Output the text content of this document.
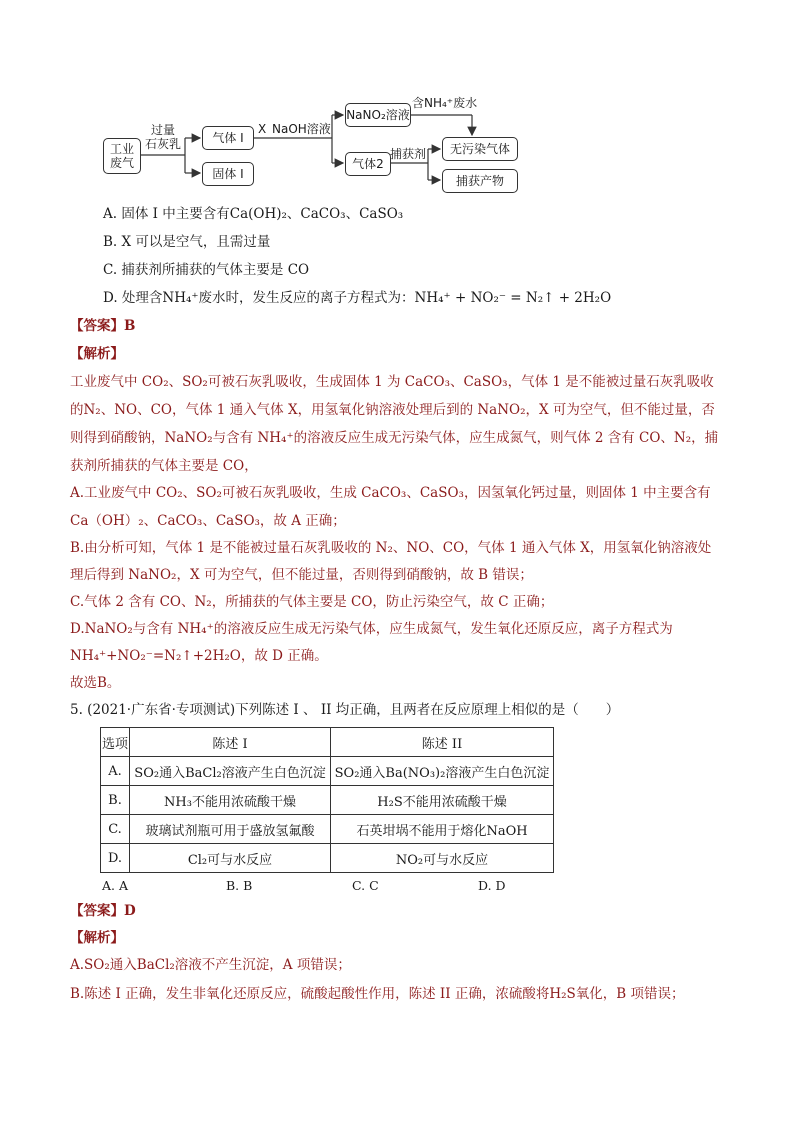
工业
废气
过量
石灰乳	气体 I
固体 I
X NaOH溶液
NaNO₂溶液
含NH₄⁺废水
气体2
捕获剂	无污染气体
捕获产物
A. 固体 I 中主要含有Ca(OH)₂、CaCO₃、CaSO₃
B. X 可以是空气，且需过量
C. 捕获剂所捕获的气体主要是 CO
D. 处理含NH₄⁺废水时，发生反应的离子方程式为：NH₄⁺ + NO₂⁻ = N₂↑ + 2H₂O
【答案】B
【解析】
工业废气中 CO₂、SO₂可被石灰乳吸收，生成固体 1 为 CaCO₃、CaSO₃，气体 1 是不能被过量石灰乳吸收
的N₂、NO、CO，气体 1 通入气体 X，用氢氧化钠溶液处理后到的 NaNO₂，X 可为空气，但不能过量，否
则得到硝酸钠，NaNO₂与含有 NH₄⁺的溶液反应生成无污染气体，应生成氮气，则气体 2 含有 CO、N₂，捕
获剂所捕获的气体主要是 CO，
A.工业废气中 CO₂、SO₂可被石灰乳吸收，生成 CaCO₃、CaSO₃，因氢氧化钙过量，则固体 1 中主要含有
Ca（OH）₂、CaCO₃、CaSO₃，故 A 正确；
B.由分析可知，气体 1 是不能被过量石灰乳吸收的 N₂、NO、CO，气体 1 通入气体 X，用氢氧化钠溶液处
理后得到 NaNO₂，X 可为空气，但不能过量，否则得到硝酸钠，故 B 错误；
C.气体 2 含有 CO、N₂，所捕获的气体主要是 CO，防止污染空气，故 C 正确；
D.NaNO₂与含有 NH₄⁺的溶液反应生成无污染气体，应生成氮气，发生氧化还原反应，离子方程式为
NH₄⁺+NO₂⁻=N₂↑+2H₂O，故 D 正确。
故选B。
5. (2021·广东省·专项测试)下列陈述 I 、 II 均正确，且两者在反应原理上相似的是（　　）
选项	陈述 I	陈述 II
A.	SO₂通入BaCl₂溶液产生白色沉淀	SO₂通入Ba(NO₃)₂溶液产生白色沉淀
B.	NH₃不能用浓硫酸干燥	H₂S不能用浓硫酸干燥
C.	玻璃试剂瓶可用于盛放氢氟酸	石英坩埚不能用于熔化NaOH
D.	Cl₂可与水反应	NO₂可与水反应
A. A	B. B	C. C	D. D
【答案】D
【解析】
A.SO₂通入BaCl₂溶液不产生沉淀，A 项错误；
B.陈述 I 正确，发生非氧化还原反应，硫酸起酸性作用，陈述 II 正确，浓硫酸将H₂S氧化，B 项错误；
